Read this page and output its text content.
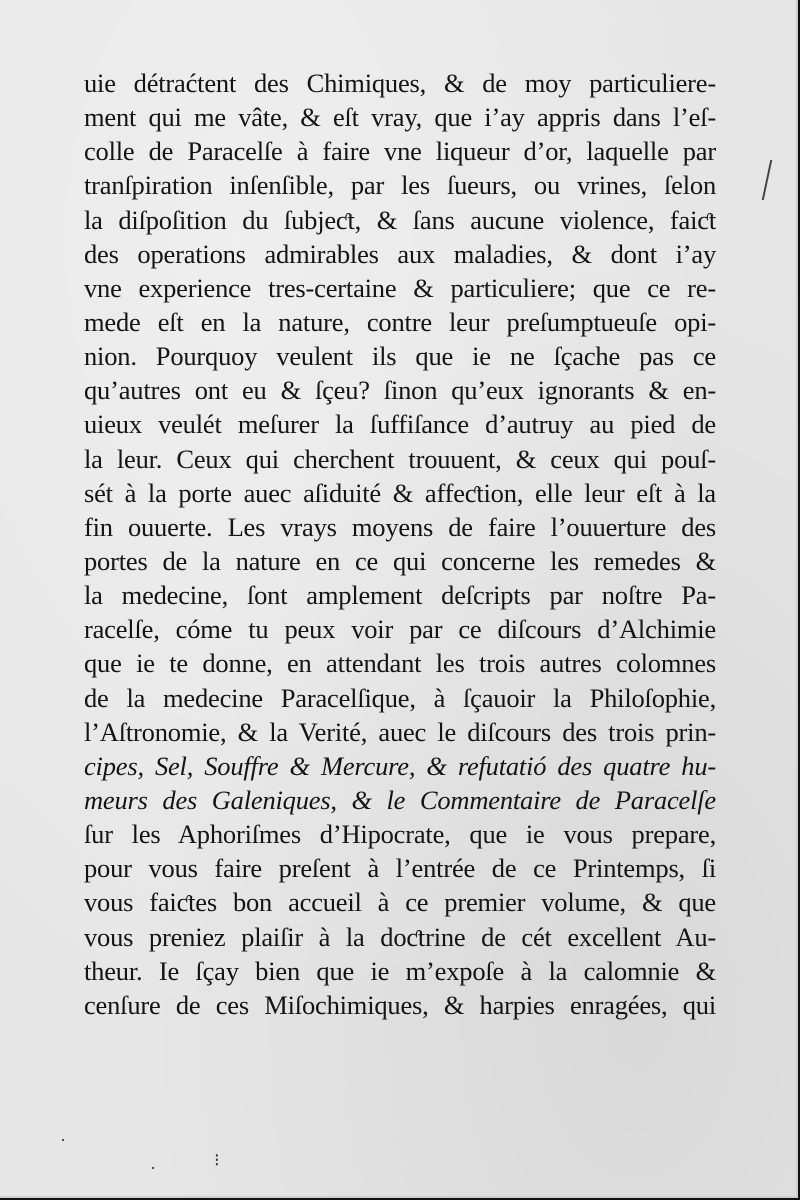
uie détraćtent des Chimiques, & de moy particuliere-
ment qui me vâte, & eſt vray, que i’ay appris dans l’eſ-
colle de Paracelſe à faire vne liqueur d’or, laquelle par
tranſpiration inſenſible, par les ſueurs, ou vrines, ſelon
la diſpoſition du ſubjeƈt, & ſans aucune violence, faiƈt
des operations admirables aux maladies, & dont i’ay
vne experience tres-certaine & particuliere; que ce re-
mede eſt en la nature, contre leur preſumptueuſe opi-
nion. Pourquoy veulent ils que ie ne ſçache pas ce
qu’autres ont eu & ſçeu? ſinon qu’eux ignorants & en-
uieux veulét meſurer la ſuffiſance d’autruy au pied de
la leur. Ceux qui cherchent trouuent, & ceux qui pouſ-
sét à la porte auec aſiduité & affeƈtion, elle leur eſt à la
fin ouuerte. Les vrays moyens de faire l’ouuerture des
portes de la nature en ce qui concerne les remedes &
la medecine, ſont amplement deſcripts par noſtre Pa-
racelſe, cóme tu peux voir par ce diſcours d’Alchimie
que ie te donne, en attendant les trois autres colomnes
de la medecine Paracelſique, à ſçauoir la Philoſophie,
l’Aſtronomie, & la Verité, auec le diſcours des trois prin-
cipes, Sel, Souffre & Mercure, & refutatió des quatre hu-
meurs des Galeniques, & le Commentaire de Paracelſe
ſur les Aphoriſmes d’Hipocrate, que ie vous prepare,
pour vous faire preſent à l’entrée de ce Printemps, ſi
vous faiƈtes bon accueil à ce premier volume, & que
vous preniez plaiſir à la doƈtrine de cét excellent Au-
theur. Ie ſçay bien que ie m’expoſe à la calomnie &
cenſure de ces Miſochimiques, & harpies enragées, qui
·
·	⁝
